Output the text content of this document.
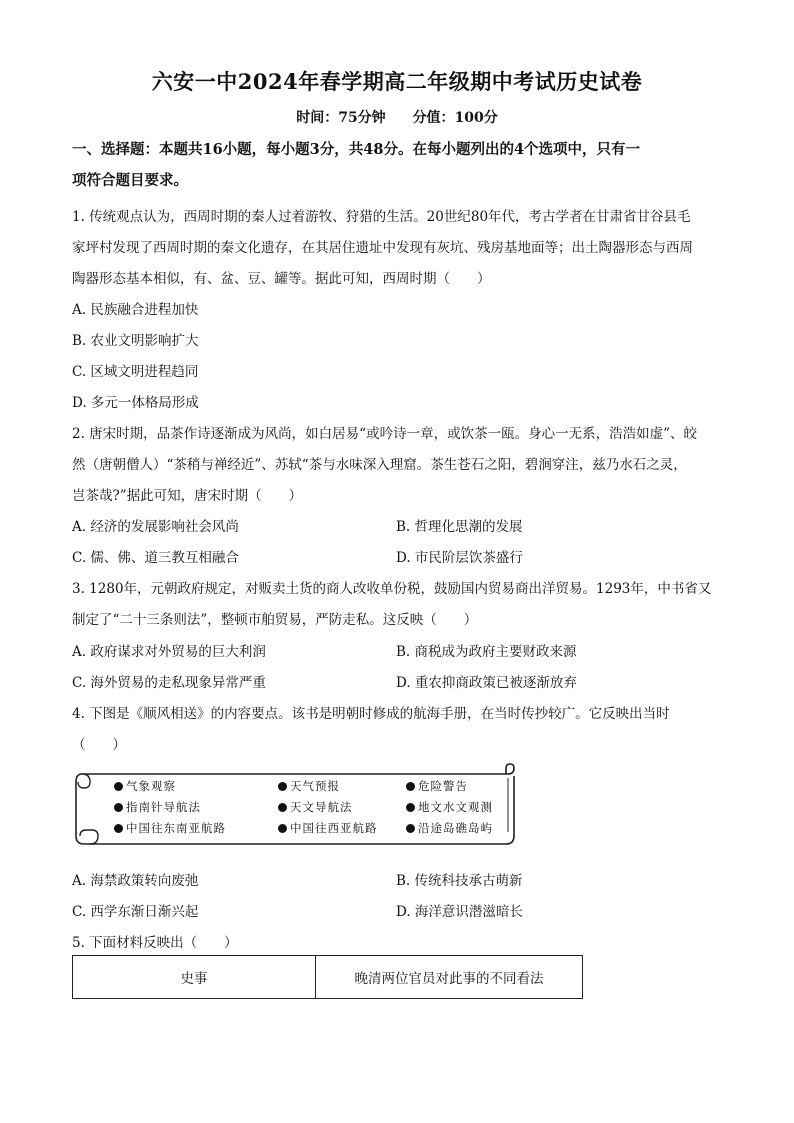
六安一中2024年春学期高二年级期中考试历史试卷
时间：75分钟 分值：100分
一、选择题：本题共16小题，每小题3分，共48分。在每小题列出的4个选项中，只有一
项符合题目要求。
1. 传统观点认为，西周时期的秦人过着游牧、狩猎的生活。20世纪80年代，考古学者在甘肃省甘谷县毛
家坪村发现了西周时期的秦文化遗存，在其居住遗址中发现有灰坑、残房基地面等；出土陶器形态与西周
陶器形态基本相似，有、盆、豆、罐等。据此可知，西周时期（　　）
A. 民族融合进程加快
B. 农业文明影响扩大
C. 区域文明进程趋同
D. 多元一体格局形成
2. 唐宋时期，品茶作诗逐渐成为风尚，如白居易“或吟诗一章，或饮茶一瓯。身心一无系，浩浩如虚”、皎
然（唐朝僧人）“茶稍与禅经近”、苏轼“茶与水味深入理窟。茶生苍石之阳，碧涧穿注，兹乃水石之灵，
岂茶哉?”据此可知，唐宋时期（　　）
A. 经济的发展影响社会风尚	B. 哲理化思潮的发展
C. 儒、佛、道三教互相融合	D. 市民阶层饮茶盛行
3. 1280年，元朝政府规定，对贩卖土货的商人改收单份税，鼓励国内贸易商出洋贸易。1293年，中书省又
制定了“二十三条则法”，整顿市舶贸易，严防走私。这反映（　　）
A. 政府谋求对外贸易的巨大利润	B. 商税成为政府主要财政来源
C. 海外贸易的走私现象异常严重	D. 重农抑商政策已被逐渐放弃
4. 下图是《顺风相送》的内容要点。该书是明朝时修成的航海手册，在当时传抄较广。它反映出当时
（　　）
气象观察	天气预报	危险警告
指南针导航法	天文导航法	地文水文观测
中国往东南亚航路	中国往西亚航路	沿途岛礁岛屿
A. 海禁政策转向废弛	B. 传统科技承古萌新
C. 西学东渐日渐兴起	D. 海洋意识潜滋暗长
5. 下面材料反映出（　　）
史事	晚清两位官员对此事的不同看法
